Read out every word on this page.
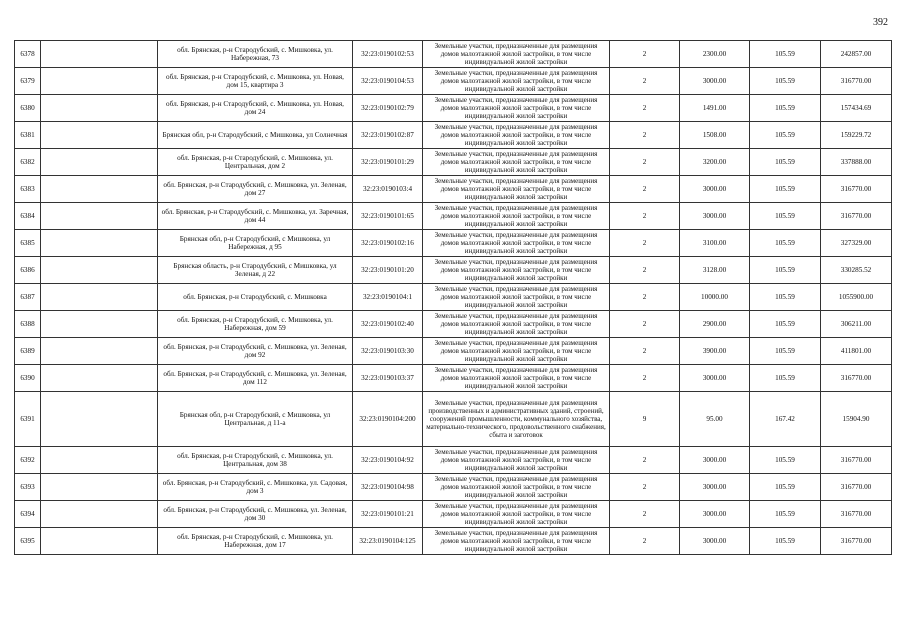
392
6378		обл. Брянская, р-н Стародубский, с. Мишковка, ул. Набережная, 73	32:23:0190102:53	Земельные участки, предназначенные для размещения домов малоэтажной жилой застройки, в том числе индивидуальной жилой застройки	2	2300.00	105.59	242857.00
6379		обл. Брянская, р-н Стародубский, с. Мишковка, ул. Новая, дом 15, квартира 3	32:23:0190104:53	Земельные участки, предназначенные для размещения домов малоэтажной жилой застройки, в том числе индивидуальной жилой застройки	2	3000.00	105.59	316770.00
6380		обл. Брянская, р-н Стародубский, с. Мишковка, ул. Новая, дом 24	32:23:0190102:79	Земельные участки, предназначенные для размещения домов малоэтажной жилой застройки, в том числе индивидуальной жилой застройки	2	1491.00	105.59	157434.69
6381		Брянская обл, р-н Стародубский, с Мишковка, ул Солнечная	32:23:0190102:87	Земельные участки, предназначенные для размещения домов малоэтажной жилой застройки, в том числе индивидуальной жилой застройки	2	1508.00	105.59	159229.72
6382		обл. Брянская, р-н Стародубский, с. Мишковка, ул. Центральная, дом 2	32:23:0190101:29	Земельные участки, предназначенные для размещения домов малоэтажной жилой застройки, в том числе индивидуальной жилой застройки	2	3200.00	105.59	337888.00
6383		обл. Брянская, р-н Стародубский, с. Мишковка, ул. Зеленая, дом 27	32:23:0190103:4	Земельные участки, предназначенные для размещения домов малоэтажной жилой застройки, в том числе индивидуальной жилой застройки	2	3000.00	105.59	316770.00
6384		обл. Брянская, р-н Стародубский, с. Мишковка, ул. Заречная, дом 44	32:23:0190101:65	Земельные участки, предназначенные для размещения домов малоэтажной жилой застройки, в том числе индивидуальной жилой застройки	2	3000.00	105.59	316770.00
6385		Брянская обл, р-н Стародубский, с Мишковка, ул Набережная, д 95	32:23:0190102:16	Земельные участки, предназначенные для размещения домов малоэтажной жилой застройки, в том числе индивидуальной жилой застройки	2	3100.00	105.59	327329.00
6386		Брянская область, р-н Стародубский, с Мишковка, ул Зеленая, д 22	32:23:0190101:20	Земельные участки, предназначенные для размещения домов малоэтажной жилой застройки, в том числе индивидуальной жилой застройки	2	3128.00	105.59	330285.52
6387		обл. Брянская, р-н Стародубский, с. Мишковка	32:23:0190104:1	Земельные участки, предназначенные для размещения домов малоэтажной жилой застройки, в том числе индивидуальной жилой застройки	2	10000.00	105.59	1055900.00
6388		обл. Брянская, р-н Стародубский, с. Мишковка, ул. Набережная, дом 59	32:23:0190102:40	Земельные участки, предназначенные для размещения домов малоэтажной жилой застройки, в том числе индивидуальной жилой застройки	2	2900.00	105.59	306211.00
6389		обл. Брянская, р-н Стародубский, с. Мишковка, ул. Зеленая, дом 92	32:23:0190103:30	Земельные участки, предназначенные для размещения домов малоэтажной жилой застройки, в том числе индивидуальной жилой застройки	2	3900.00	105.59	411801.00
6390		обл. Брянская, р-н Стародубский, с. Мишковка, ул. Зеленая, дом 112	32:23:0190103:37	Земельные участки, предназначенные для размещения домов малоэтажной жилой застройки, в том числе индивидуальной жилой застройки	2	3000.00	105.59	316770.00
6391		Брянская обл, р-н Стародубский, с Мишковка, ул Центральная, д 11-а	32:23:0190104:200	Земельные участки, предназначенные для размещения производственных и административных зданий, строений, сооружений промышленности, коммунального хозяйства, материально-технического, продовольственного снабжения, сбыта и заготовок	9	95.00	167.42	15904.90
6392		обл. Брянская, р-н Стародубский, с. Мишковка, ул. Центральная, дом 38	32:23:0190104:92	Земельные участки, предназначенные для размещения домов малоэтажной жилой застройки, в том числе индивидуальной жилой застройки	2	3000.00	105.59	316770.00
6393		обл. Брянская, р-н Стародубский, с. Мишковка, ул. Садовая, дом 3	32:23:0190104:98	Земельные участки, предназначенные для размещения домов малоэтажной жилой застройки, в том числе индивидуальной жилой застройки	2	3000.00	105.59	316770.00
6394		обл. Брянская, р-н Стародубский, с. Мишковка, ул. Зеленая, дом 30	32:23:0190101:21	Земельные участки, предназначенные для размещения домов малоэтажной жилой застройки, в том числе индивидуальной жилой застройки	2	3000.00	105.59	316770.00
6395		обл. Брянская, р-н Стародубский, с. Мишковка, ул. Набережная, дом 17	32:23:0190104:125	Земельные участки, предназначенные для размещения домов малоэтажной жилой застройки, в том числе индивидуальной жилой застройки	2	3000.00	105.59	316770.00
